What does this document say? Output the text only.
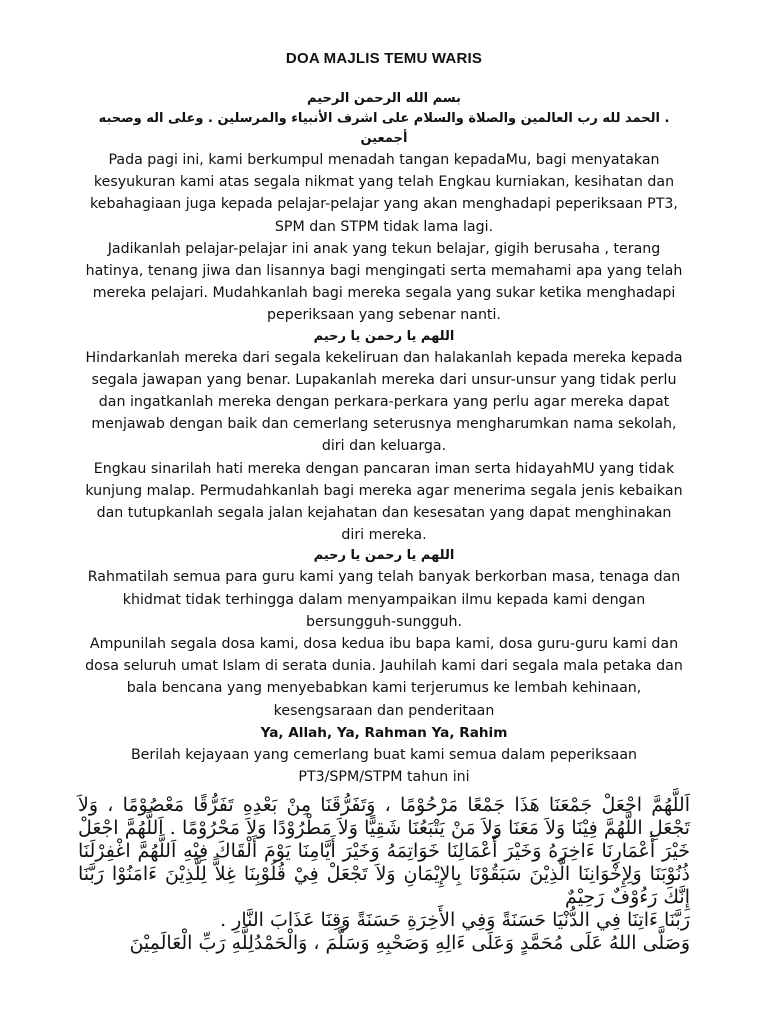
DOA MAJLIS TEMU WARIS

بسم الله الرحمن الرحيم

. الحمد لله رب العالمين والصلاة والسلام على اشرف الأنبياء والمرسلين . وعلى اله وصحبه أجمعين

Pada pagi ini, kami berkumpul menadah tangan kepadaMu, bagi menyatakan kesyukuran kami atas segala nikmat yang telah Engkau kurniakan, kesihatan dan kebahagiaan juga kepada pelajar-pelajar yang akan menghadapi peperiksaan PT3, SPM dan STPM tidak lama lagi.

Jadikanlah pelajar-pelajar ini anak yang tekun belajar, gigih berusaha , terang hatinya, tenang jiwa dan lisannya bagi mengingati serta memahami apa yang telah mereka pelajari. Mudahkanlah bagi mereka segala yang sukar ketika menghadapi peperiksaan yang sebenar nanti.

اللهم يا رحمن يا رحيم

Hindarkanlah mereka dari segala kekeliruan dan halakanlah kepada mereka kepada segala jawapan yang benar. Lupakanlah mereka dari unsur-unsur yang tidak perlu dan ingatkanlah mereka dengan perkara-perkara yang perlu agar mereka dapat menjawab dengan baik dan cemerlang seterusnya mengharumkan nama sekolah, diri dan keluarga.

Engkau sinarilah hati mereka dengan pancaran iman serta hidayahMU yang tidak kunjung malap. Permudahkanlah bagi mereka agar menerima segala jenis kebaikan dan tutupkanlah segala jalan kejahatan dan kesesatan yang dapat menghinakan diri mereka.

اللهم يا رحمن يا رحيم

Rahmatilah semua para guru kami yang telah banyak berkorban masa, tenaga dan khidmat tidak terhingga dalam menyampaikan ilmu kepada kami dengan bersungguh-sungguh.

Ampunilah segala dosa kami, dosa kedua ibu bapa kami, dosa guru-guru kami dan dosa seluruh umat Islam di serata dunia. Jauhilah kami dari segala mala petaka dan bala bencana yang menyebabkan kami terjerumus ke lembah kehinaan, kesengsaraan dan penderitaan

Ya, Allah, Ya, Rahman Ya, Rahim

Berilah kejayaan yang cemerlang buat kami semua dalam peperiksaan PT3/SPM/STPM tahun ini

اَللَّهُمَّ اجْعَلْ جَمْعَنَا هَذَا جَمْعًا مَرْحُوْمًا ، وَتَفَرُّقَنَا مِنْ بَعْدِهِ تَفَرُّقًا مَعْصُوْمًا ، وَلاَ تَجْعَلِ اللَّهُمَّ فِيْنَا وَلاَ مَعَنَا وَلاَ مَنْ يَتْبَعُنَا شَقِيًّا وَلاَ مَطْرُوْدًا وَلاَ مَحْرُوْمًا . اَللَّهُمَّ اجْعَلْ خَيْرَ أَعْمَارِنَا ءَاخِرَهُ وَخَيْرَ أَعْمَالِنَا خَوَاتِمَهُ وَخَيْرَ أَيَّامِنَا يَوْمَ أَلْقَاكَ فِيْهِ اَللَّهُمَّ اغْفِرْلَنَا ذُنُوْبَنَا وَلِإِخْوَانِنَا الَّذِيْنَ سَبَقُوْنَا بِالإِيْمَانِ وَلاَ تَجْعَلْ فِيْ قُلُوْبِنَا غِلاًّ لِلَّذِيْنَ ءَامَنُوْا رَبَّنَا إِنَّكَ رَءُوْفٌ رَحِيْمٌ
رَبَّنَا ءَاتِنَا فِي الدُّنْيَا حَسَنَةً وَفِي الأَخِرَةِ حَسَنَةً وَقِنَا عَذَابَ النَّارِ .
وَصَلَّى اللهُ عَلَى مُحَمَّدٍ وَعَلَى ءَالِهِ وَصَحْبِهِ وَسَلَّمَ ، وَالْحَمْدُلِلَّهِ رَبِّ الْعَالَمِيْنَ
